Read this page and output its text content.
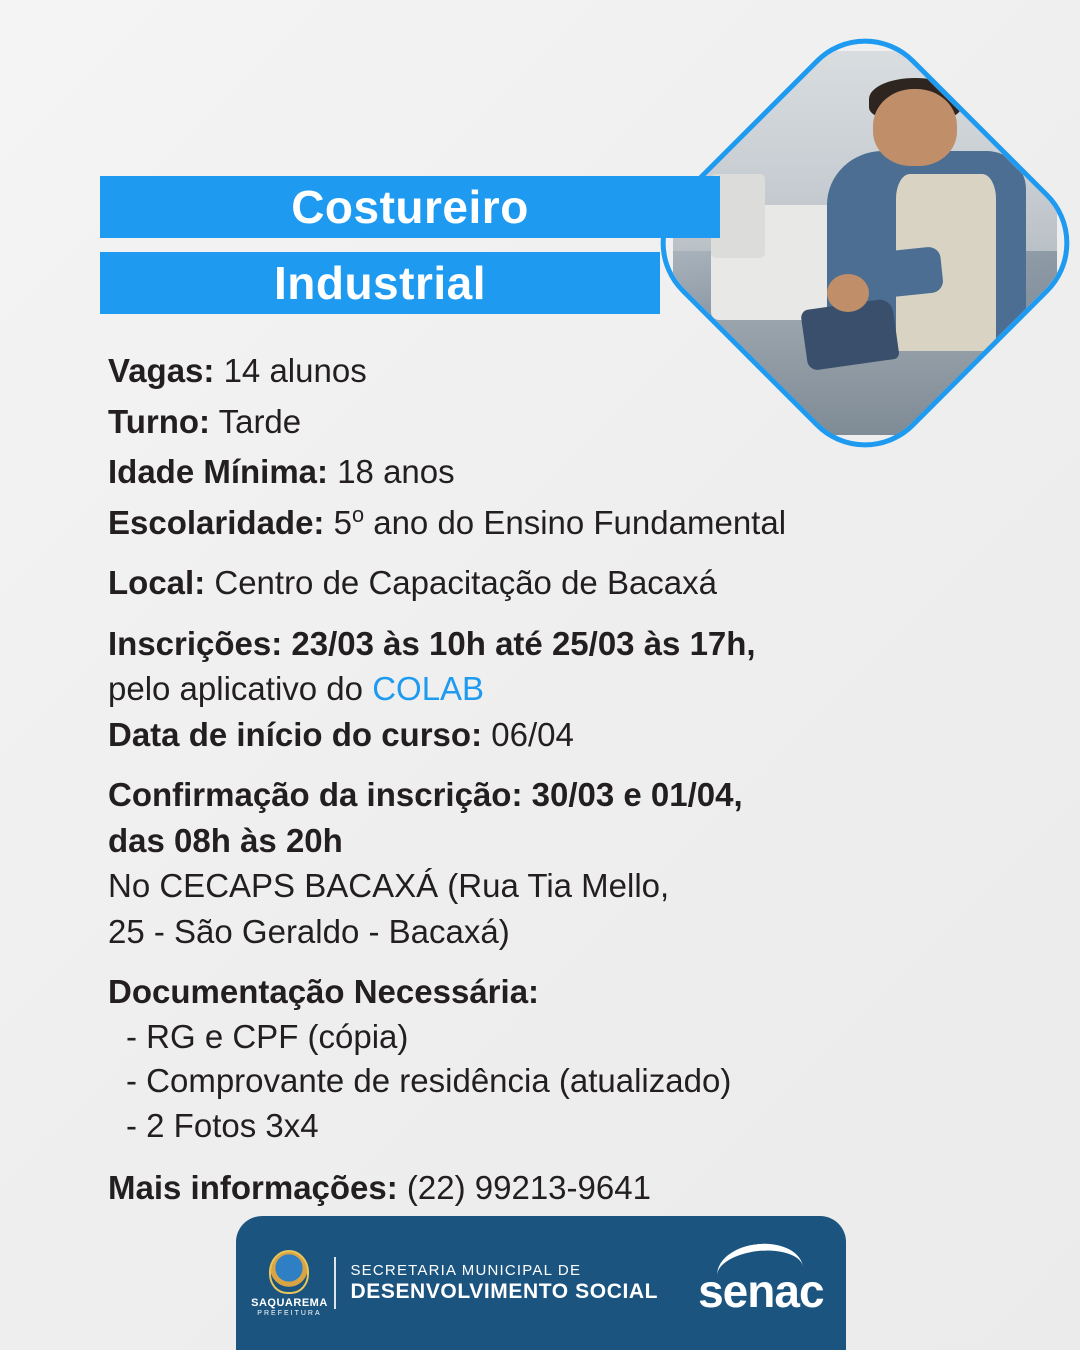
Costureiro
Industrial

Vagas: 14 alunos

Turno: Tarde

Idade Mínima: 18 anos

Escolaridade: 5$^o$ ano do Ensino Fundamental

Local: Centro de Capacitação de Bacaxá

Inscrições: 23/03 às 10h até 25/03 às 17h,

pelo aplicativo do COLAB

Data de início do curso: 06/04

Confirmação da inscrição: 30/03 e 01/04,

das 08h às 20h

No CECAPS BACAXÁ (Rua Tia Mello,

25 - São Geraldo - Bacaxá)

Documentação Necessária:

- RG e CPF (cópia)

- Comprovante de residência (atualizado)

- 2 Fotos 3x4

Mais informações: (22) 99213-9641

SAQUAREMA
PREFEITURA
SECRETARIA MUNICIPAL DE
DESENVOLVIMENTO SOCIAL senac
